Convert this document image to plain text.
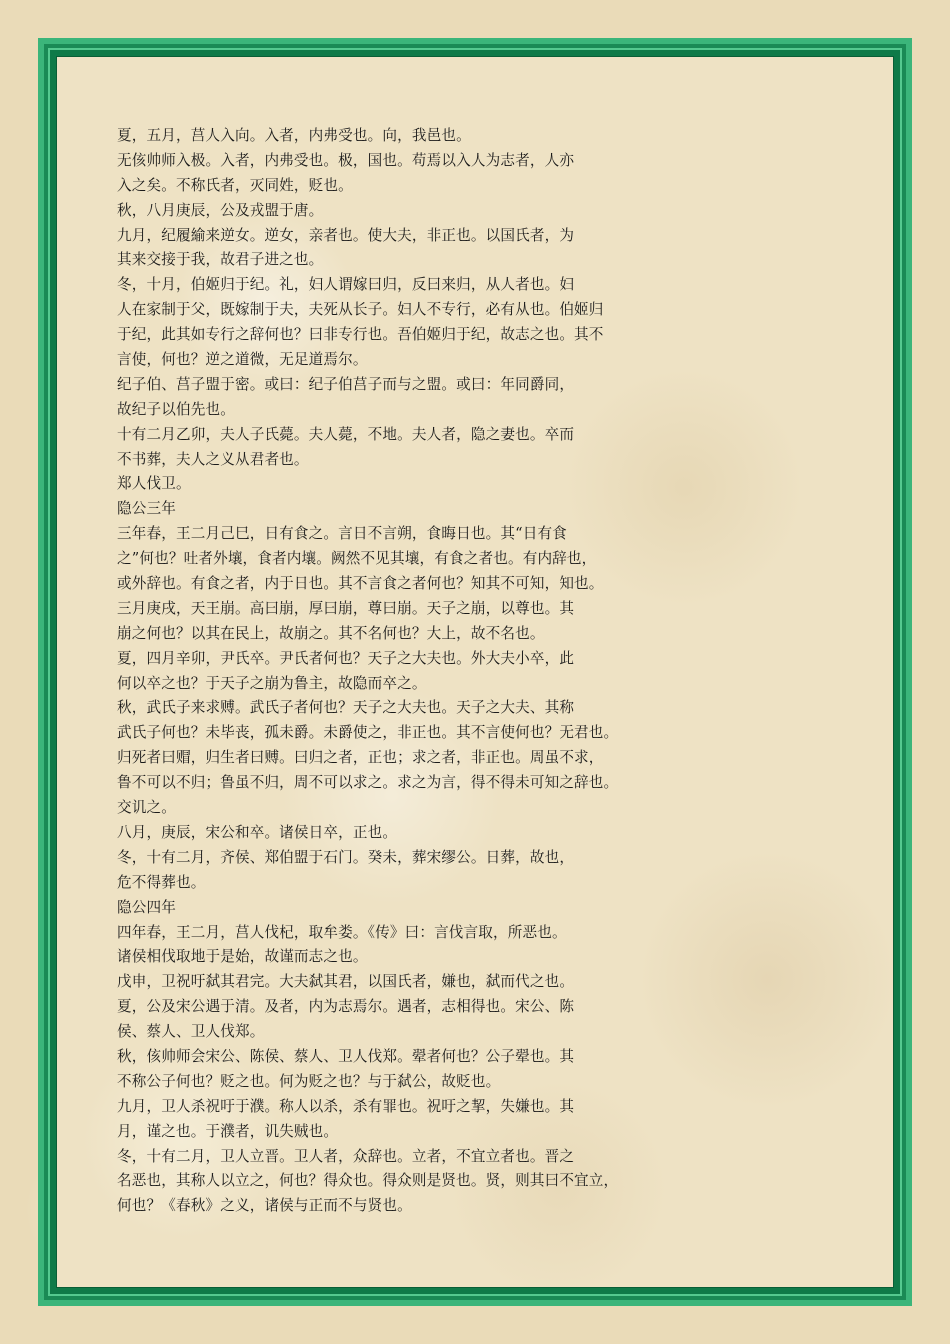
夏，五月，莒人入向。入者，内弗受也。向，我邑也。
无侅帅师入极。入者，内弗受也。极，国也。苟焉以入人为志者，人亦
入之矣。不称氏者，灭同姓，贬也。
秋，八月庚辰，公及戎盟于唐。
九月，纪履緰来逆女。逆女，亲者也。使大夫，非正也。以国氏者，为
其来交接于我，故君子进之也。
冬，十月，伯姬归于纪。礼，妇人谓嫁曰归，反曰来归，从人者也。妇
人在家制于父，既嫁制于夫，夫死从长子。妇人不专行，必有从也。伯姬归
于纪，此其如专行之辞何也？曰非专行也。吾伯姬归于纪，故志之也。其不
言使，何也？逆之道微，无足道焉尔。
纪子伯、莒子盟于密。或曰：纪子伯莒子而与之盟。或曰：年同爵同，
故纪子以伯先也。
十有二月乙卯，夫人子氏薨。夫人薨，不地。夫人者，隐之妻也。卒而
不书葬，夫人之义从君者也。
郑人伐卫。
隐公三年
三年春，王二月己巳，日有食之。言日不言朔，食晦日也。其“日有食
之”何也？吐者外壤，食者内壤。阙然不见其壤，有食之者也。有内辞也，
或外辞也。有食之者，内于日也。其不言食之者何也？知其不可知，知也。
三月庚戌，天王崩。高曰崩，厚曰崩，尊曰崩。天子之崩，以尊也。其
崩之何也？以其在民上，故崩之。其不名何也？大上，故不名也。
夏，四月辛卯，尹氏卒。尹氏者何也？天子之大夫也。外大夫小卒，此
何以卒之也？于天子之崩为鲁主，故隐而卒之。
秋，武氏子来求赙。武氏子者何也？天子之大夫也。天子之大夫、其称
武氏子何也？未毕丧，孤未爵。未爵使之，非正也。其不言使何也？无君也。
归死者曰赗，归生者曰赙。曰归之者，正也；求之者，非正也。周虽不求，
鲁不可以不归；鲁虽不归，周不可以求之。求之为言，得不得未可知之辞也。
交讥之。
八月，庚辰，宋公和卒。诸侯日卒，正也。
冬，十有二月，齐侯、郑伯盟于石门。癸未，葬宋缪公。日葬，故也，
危不得葬也。
隐公四年
四年春，王二月，莒人伐杞，取牟娄。《传》曰：言伐言取，所恶也。
诸侯相伐取地于是始，故谨而志之也。
戊申，卫祝吁弑其君完。大夫弑其君，以国氏者，嫌也，弑而代之也。
夏，公及宋公遇于清。及者，内为志焉尔。遇者，志相得也。宋公、陈
侯、蔡人、卫人伐郑。
秋，侅帅师会宋公、陈侯、蔡人、卫人伐郑。翚者何也？公子翚也。其
不称公子何也？贬之也。何为贬之也？与于弑公，故贬也。
九月，卫人杀祝吁于濮。称人以杀，杀有罪也。祝吁之挈，失嫌也。其
月，谨之也。于濮者，讥失贼也。
冬，十有二月，卫人立晋。卫人者，众辞也。立者，不宜立者也。晋之
名恶也，其称人以立之，何也？得众也。得众则是贤也。贤，则其曰不宜立，
何也？《春秋》之义，诸侯与正而不与贤也。
